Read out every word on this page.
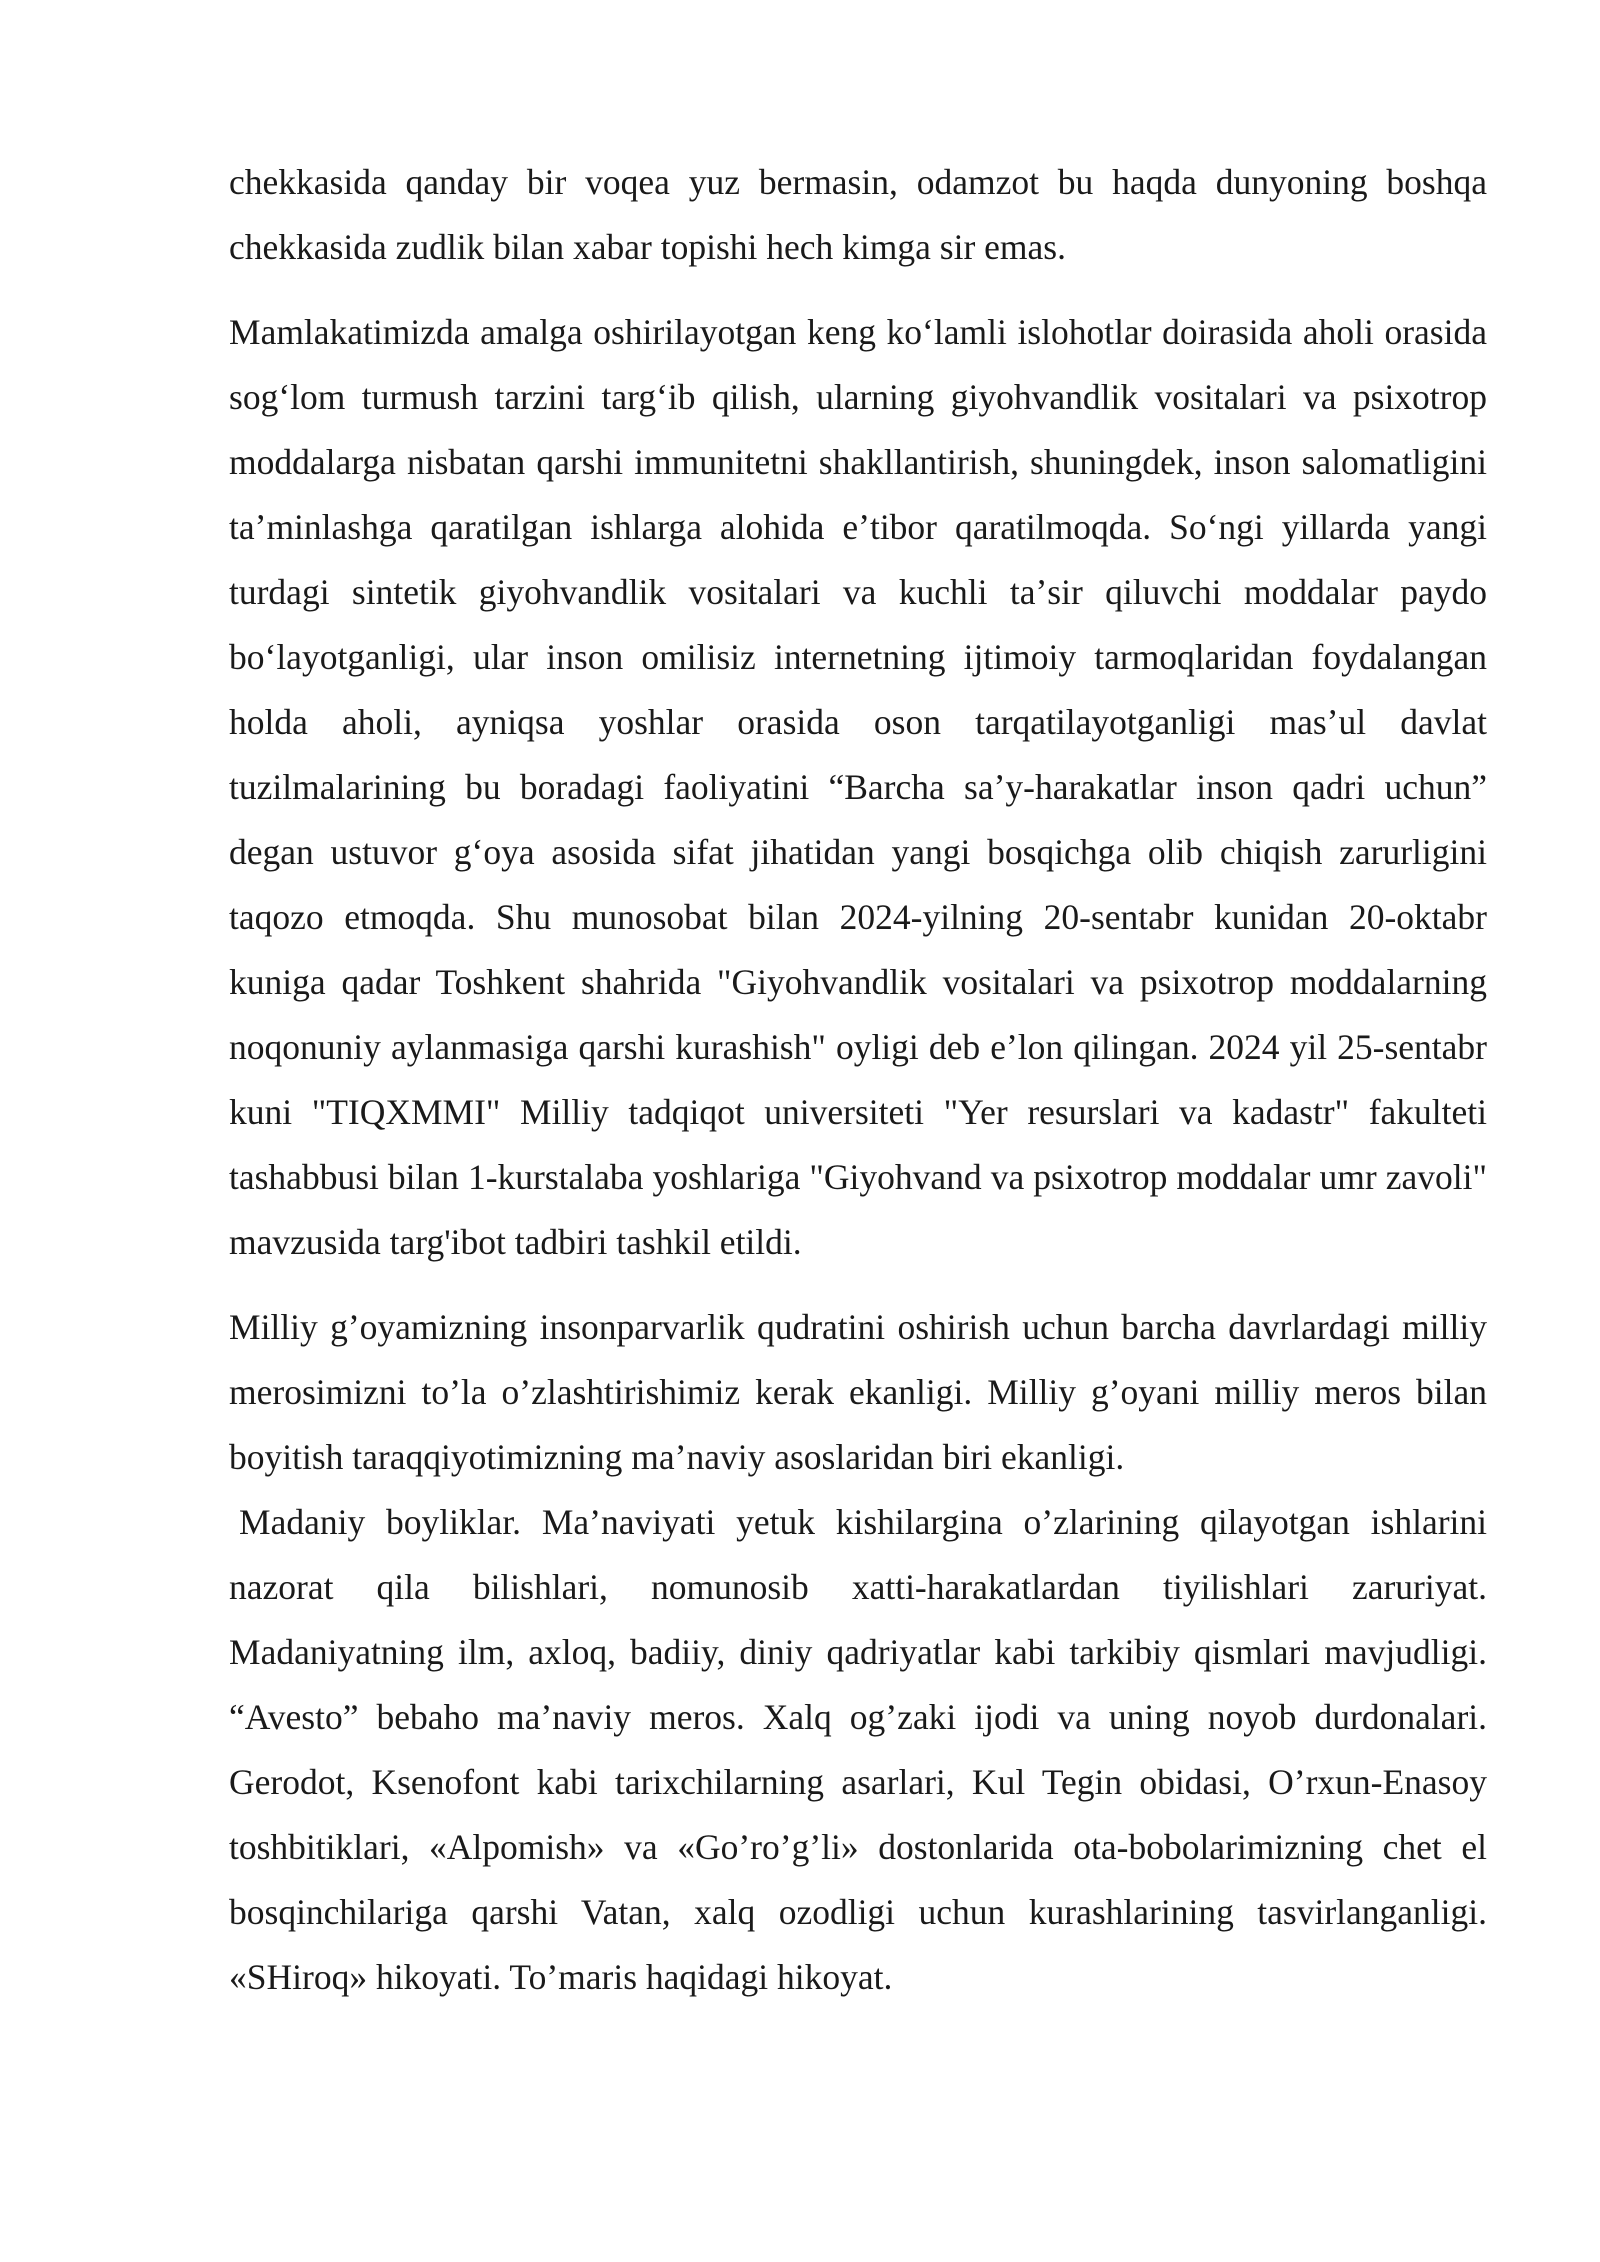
chekkasida qanday bir voqea yuz bermasin, odamzot bu haqda dunyoning boshqa chekkasida zudlik bilan xabar topishi hech kimga sir emas.

Mamlakatimizda amalga oshirilayotgan keng koʻlamli islohotlar doirasida aholi orasida sogʻlom turmush tarzini targʻib qilish, ularning giyohvandlik vositalari va psixotrop moddalarga nisbatan qarshi immunitetni shakllantirish, shuningdek, inson salomatligini taʼminlashga qaratilgan ishlarga alohida eʼtibor qaratilmoqda. Soʻngi yillarda yangi turdagi sintetik giyohvandlik vositalari va kuchli taʼsir qiluvchi moddalar paydo boʻlayotganligi, ular inson omilisiz internetning ijtimoiy tarmoqlaridan foydalangan holda aholi, ayniqsa yoshlar orasida oson tarqatilayotganligi masʼul davlat tuzilmalarining bu boradagi faoliyatini “Barcha saʼy-harakatlar inson qadri uchun” degan ustuvor gʻoya asosida sifat jihatidan yangi bosqichga olib chiqish zarurligini taqozo etmoqda. Shu munosobat bilan 2024-yilning 20-sentabr kunidan 20-oktabr kuniga qadar Toshkent shahrida "Giyohvandlik vositalari va psixotrop moddalarning noqonuniy aylanmasiga qarshi kurashish" oyligi deb eʼlon qilingan. 2024 yil 25-sentabr kuni "TIQXMMI" Milliy tadqiqot universiteti "Yer resurslari va kadastr" fakulteti tashabbusi bilan 1-kurstalaba yoshlariga "Giyohvand va psixotrop moddalar umr zavoli" mavzusida targ'ibot tadbiri tashkil etildi.

Milliy g’oyamizning insonparvarlik qudratini oshirish uchun barcha davrlardagi milliy merosimizni to’la o’zlashtirishimiz kerak ekanligi. Milliy g’oyani milliy meros bilan boyitish taraqqiyotimizning ma’naviy asoslaridan biri ekanligi.

Madaniy boyliklar. Ma’naviyati yetuk kishilargina o’zlarining qilayotgan ishlarini nazorat qila bilishlari, nomunosib xatti-harakatlardan tiyilishlari zaruriyat. Madaniyatning ilm, axloq, badiiy, diniy qadriyatlar kabi tarkibiy qismlari mavjudligi. “Avesto” bebaho ma’naviy meros. Xalq og’zaki ijodi va uning noyob durdonalari. Gerodot, Ksenofont kabi tarixchilarning asarlari, Kul Tegin obidasi, O’rxun-Enasoy toshbitiklari, «Alpomish» va «Go’ro’g’li» dostonlarida ota-bobolarimizning chet el bosqinchilariga qarshi Vatan, xalq ozodligi uchun kurashlarining tasvirlanganligi. «SHiroq» hikoyati. To’maris haqidagi hikoyat.
